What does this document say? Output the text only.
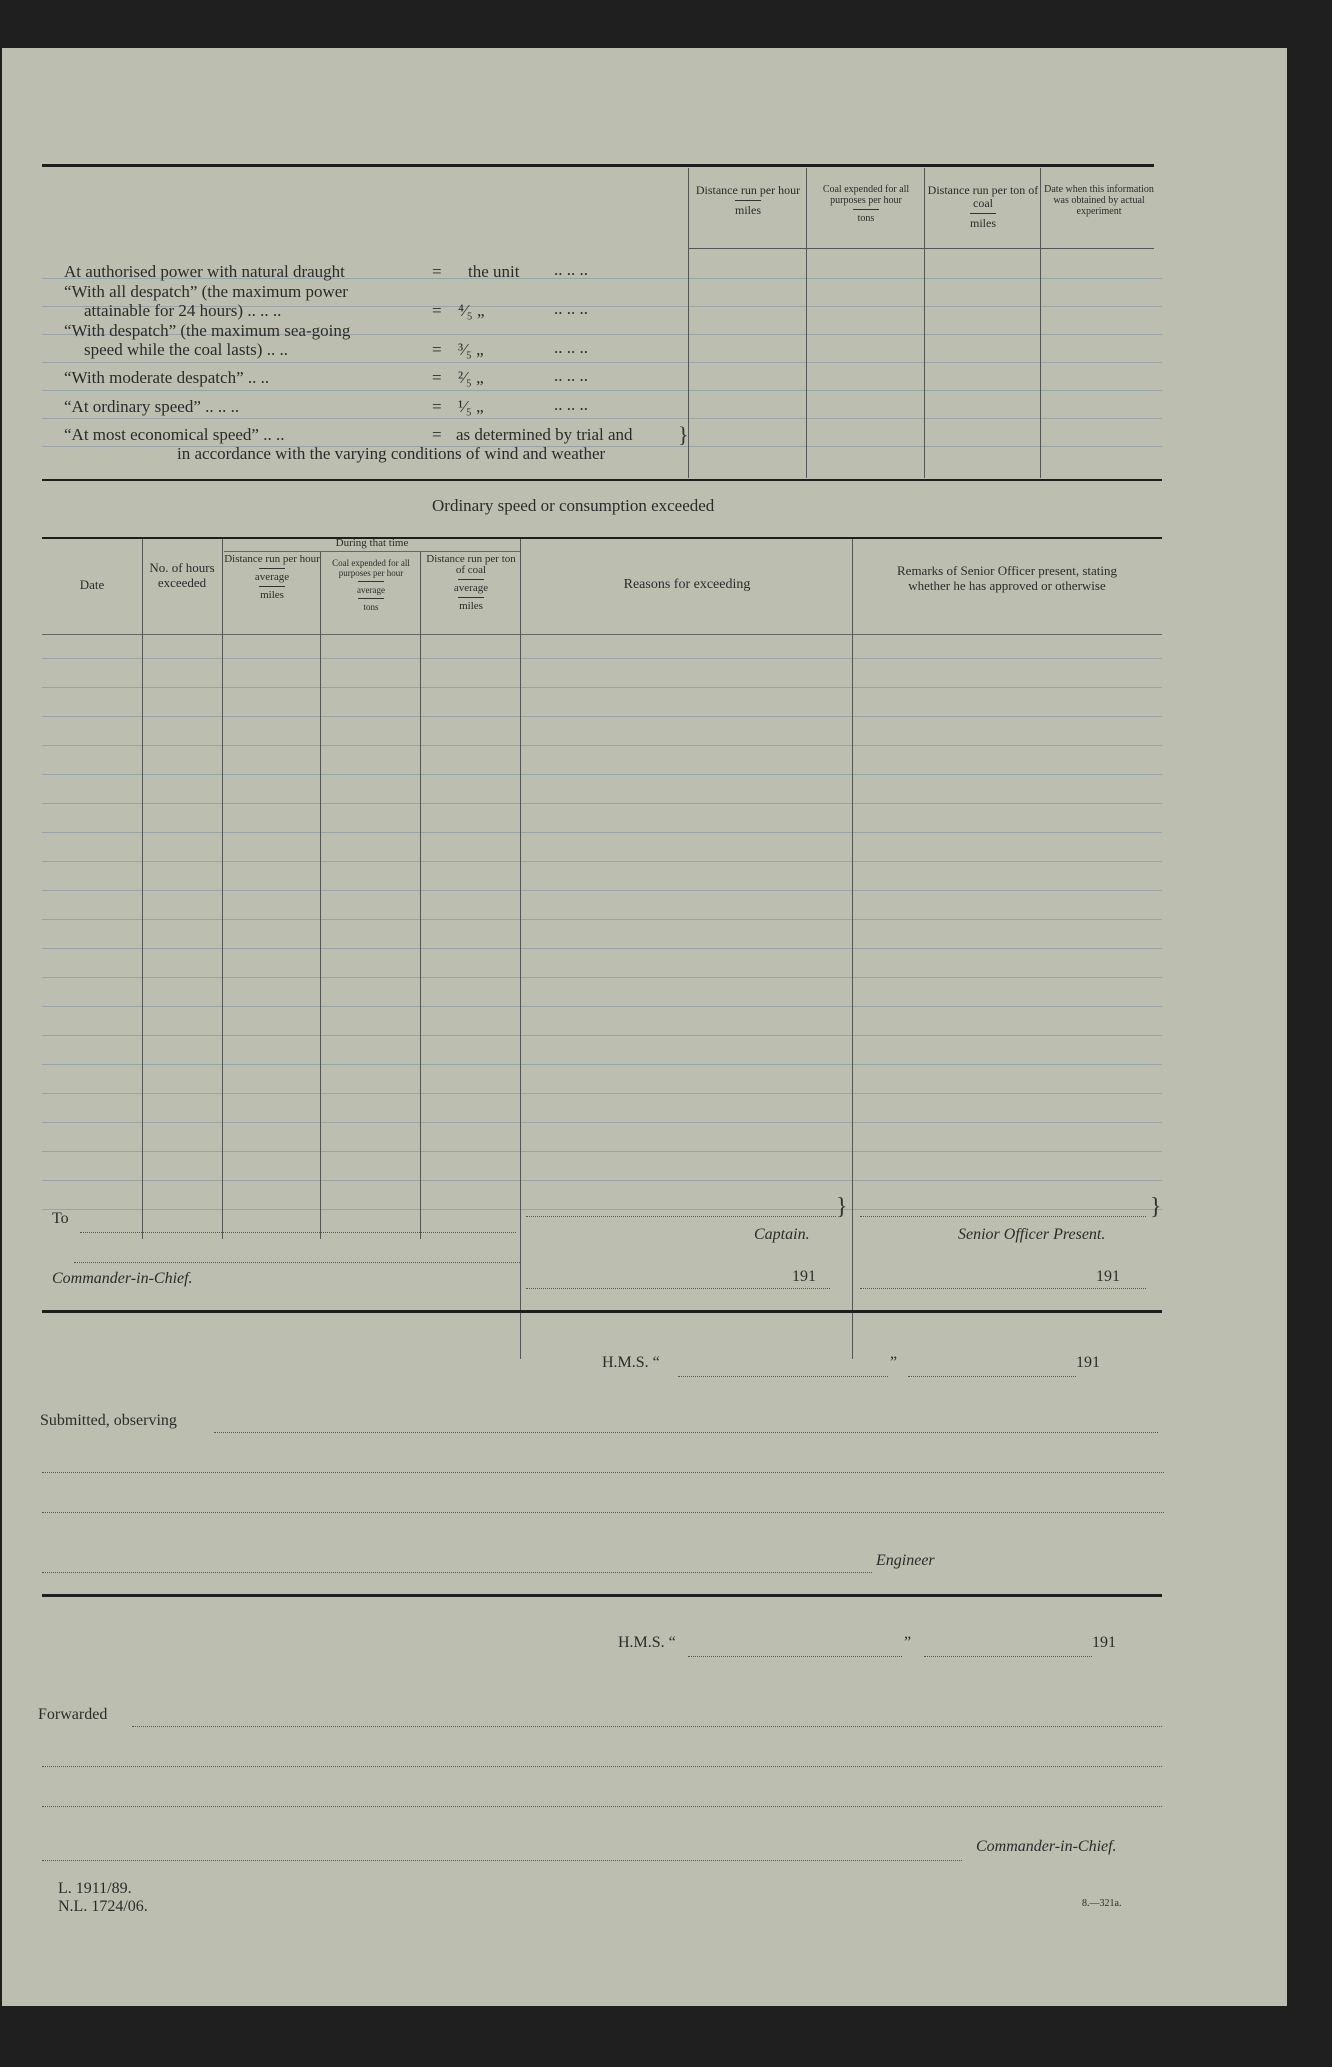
Distance run per hour
miles
Coal expended for all purposes per hour
tons
Distance run per ton of coal
miles
Date when this information was obtained by actual experiment
At authorised power with natural draught	= the unit .. .. ..
“With all despatch” (the maximum power
attainable for 24 hours) .. .. ..	= ⁴⁄₅ „	.. .. ..
“With despatch” (the maximum sea-going
speed while the coal lasts) .. ..	= ³⁄₅ „	.. .. ..
“With moderate despatch” .. ..	= ²⁄₅ „	.. .. ..
“At ordinary speed” .. .. ..	= ¹⁄₅ „	.. .. ..
“At most economical speed” .. ..	= as determined by trial and
in accordance with the varying conditions of wind and weather
}
Ordinary speed or consumption exceeded
During that time
Date
No. of hours exceeded
Distance run per hour
average
miles
Coal expended for all purposes per hour
average
tons
Distance run per ton of coal
average
miles
Reasons for exceeding
Remarks of Senior Officer present, stating whether he has approved or otherwise
To
Commander-in-Chief.
Captain.
}
191
Senior Officer Present.
}
191
H.M.S. “	”	191
Submitted, observing
Engineer
H.M.S. “	”	191
Forwarded
Commander-in-Chief.
L. 1911/89.
N.L. 1724/06.	8.—321a.
